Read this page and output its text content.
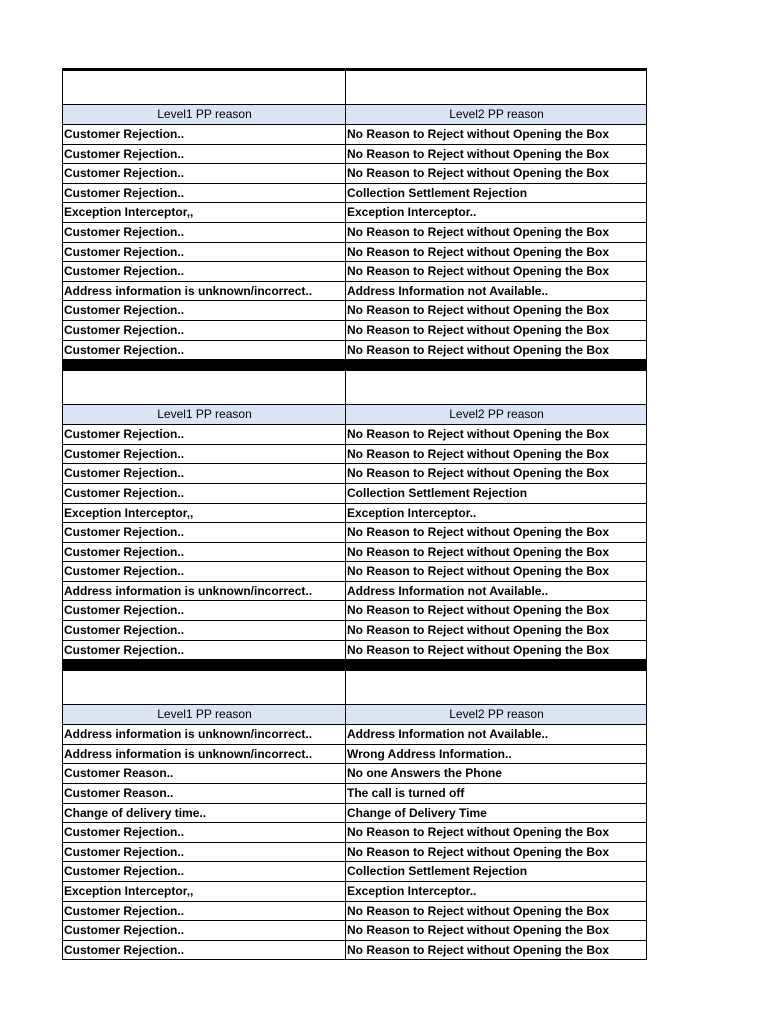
Level1 PP reason	Level2 PP reason
Customer Rejection..	No Reason to Reject without Opening the Box
Customer Rejection..	No Reason to Reject without Opening the Box
Customer Rejection..	No Reason to Reject without Opening the Box
Customer Rejection..	Collection Settlement Rejection
Exception Interceptor,,	Exception Interceptor..
Customer Rejection..	No Reason to Reject without Opening the Box
Customer Rejection..	No Reason to Reject without Opening the Box
Customer Rejection..	No Reason to Reject without Opening the Box
Address information is unknown/incorrect..	Address Information not Available..
Customer Rejection..	No Reason to Reject without Opening the Box
Customer Rejection..	No Reason to Reject without Opening the Box
Customer Rejection..	No Reason to Reject without Opening the Box
Level1 PP reason	Level2 PP reason
Customer Rejection..	No Reason to Reject without Opening the Box
Customer Rejection..	No Reason to Reject without Opening the Box
Customer Rejection..	No Reason to Reject without Opening the Box
Customer Rejection..	Collection Settlement Rejection
Exception Interceptor,,	Exception Interceptor..
Customer Rejection..	No Reason to Reject without Opening the Box
Customer Rejection..	No Reason to Reject without Opening the Box
Customer Rejection..	No Reason to Reject without Opening the Box
Address information is unknown/incorrect..	Address Information not Available..
Customer Rejection..	No Reason to Reject without Opening the Box
Customer Rejection..	No Reason to Reject without Opening the Box
Customer Rejection..	No Reason to Reject without Opening the Box
Level1 PP reason	Level2 PP reason
Address information is unknown/incorrect..	Address Information not Available..
Address information is unknown/incorrect..	Wrong Address Information..
Customer Reason..	No one Answers the Phone
Customer Reason..	The call is turned off
Change of delivery time..	Change of Delivery Time
Customer Rejection..	No Reason to Reject without Opening the Box
Customer Rejection..	No Reason to Reject without Opening the Box
Customer Rejection..	Collection Settlement Rejection
Exception Interceptor,,	Exception Interceptor..
Customer Rejection..	No Reason to Reject without Opening the Box
Customer Rejection..	No Reason to Reject without Opening the Box
Customer Rejection..	No Reason to Reject without Opening the Box
